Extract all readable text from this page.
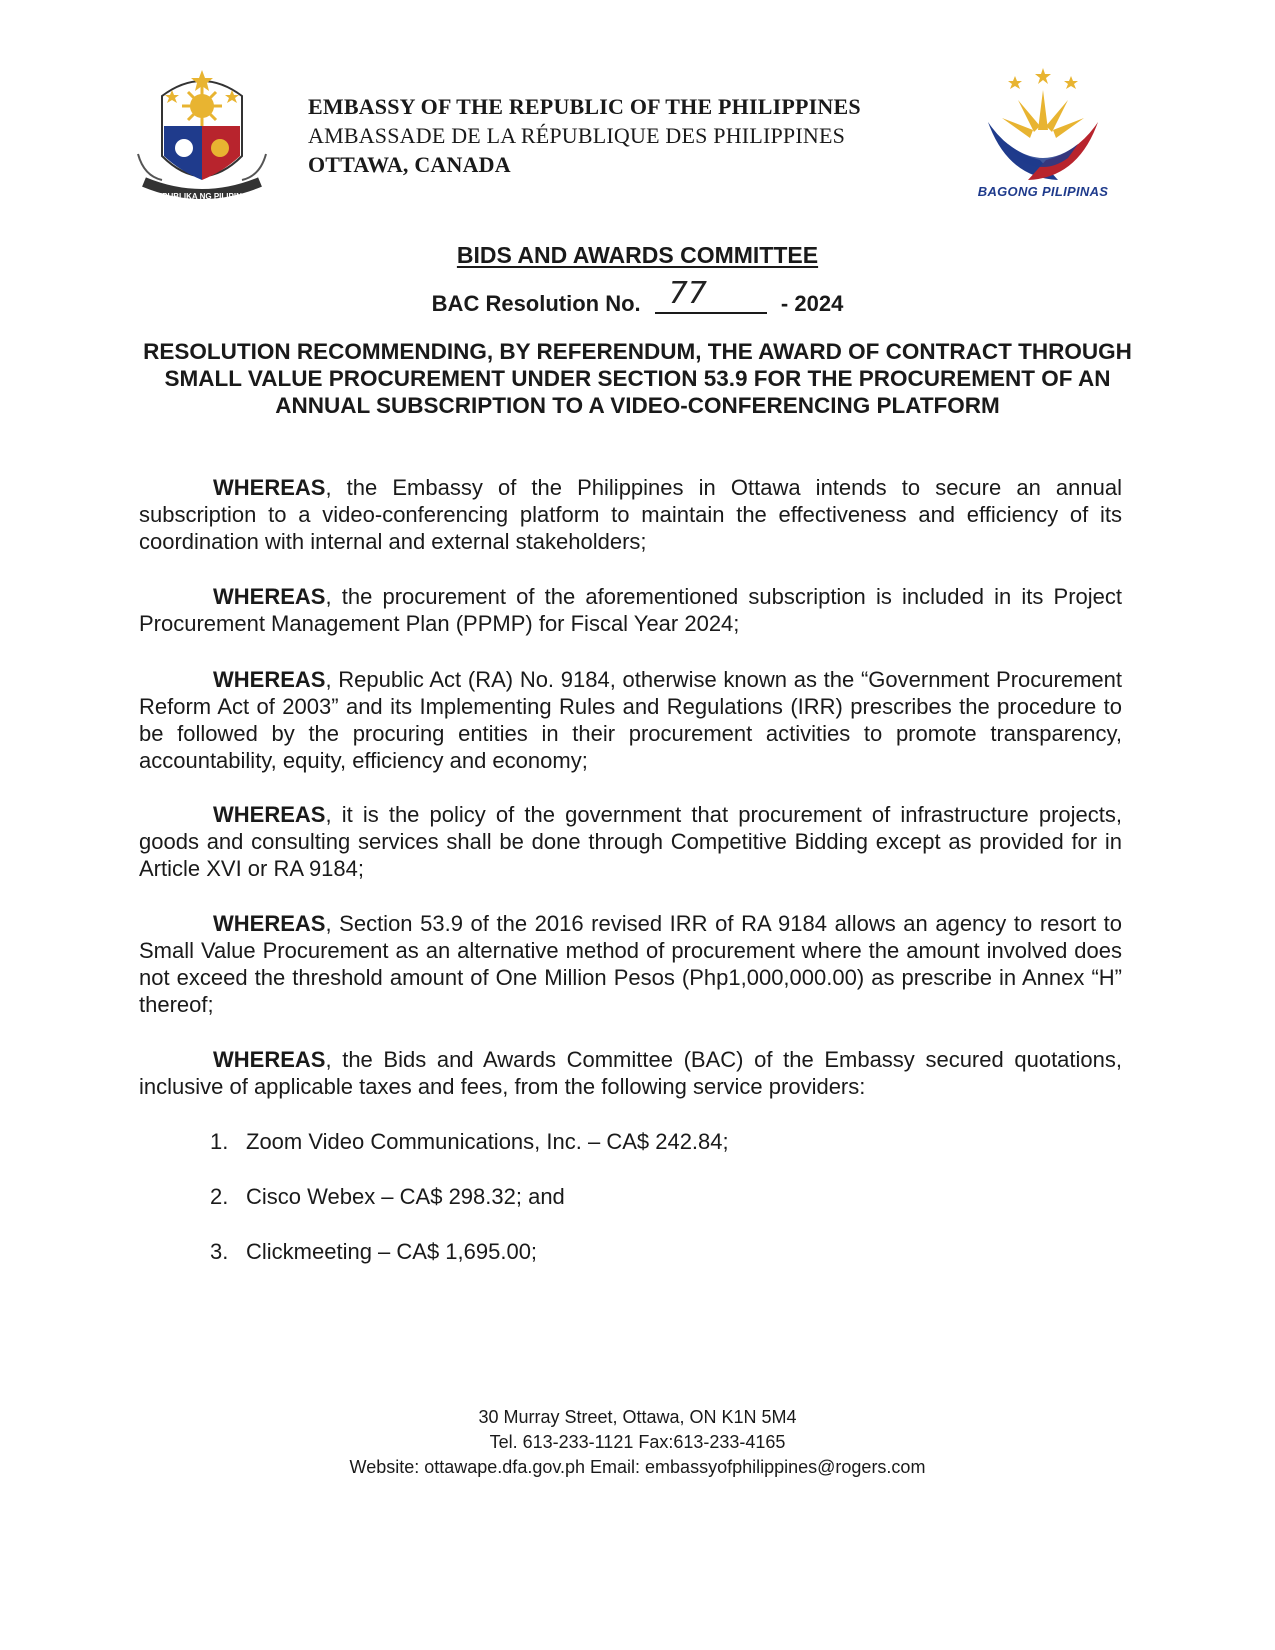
REPUBLIKA NG PILIPINAS
EMBASSY OF THE REPUBLIC OF THE PHILIPPINES
AMBASSADE DE LA RÉPUBLIQUE DES PHILIPPINES
OTTAWA, CANADA
BAGONG PILIPINAS
BIDS AND AWARDS COMMITTEE
BAC Resolution No. 77	- 2024
RESOLUTION RECOMMENDING, BY REFERENDUM, THE AWARD OF CONTRACT THROUGH SMALL VALUE PROCUREMENT UNDER SECTION 53.9 FOR THE PROCUREMENT OF AN ANNUAL SUBSCRIPTION TO A VIDEO-CONFERENCING PLATFORM
WHEREAS, the Embassy of the Philippines in Ottawa intends to secure an annual subscription to a video-conferencing platform to maintain the effectiveness and efficiency of its coordination with internal and external stakeholders;
WHEREAS, the procurement of the aforementioned subscription is included in its Project Procurement Management Plan (PPMP) for Fiscal Year 2024;
WHEREAS, Republic Act (RA) No. 9184, otherwise known as the “Government Procurement Reform Act of 2003” and its Implementing Rules and Regulations (IRR) prescribes the procedure to be followed by the procuring entities in their procurement activities to promote transparency, accountability, equity, efficiency and economy;
WHEREAS, it is the policy of the government that procurement of infrastructure projects, goods and consulting services shall be done through Competitive Bidding except as provided for in Article XVI or RA 9184;
WHEREAS, Section 53.9 of the 2016 revised IRR of RA 9184 allows an agency to resort to Small Value Procurement as an alternative method of procurement where the amount involved does not exceed the threshold amount of One Million Pesos (Php1,000,000.00) as prescribe in Annex “H” thereof;
WHEREAS, the Bids and Awards Committee (BAC) of the Embassy secured quotations, inclusive of applicable taxes and fees, from the following service providers:
1. Zoom Video Communications, Inc. – CA$ 242.84;
2. Cisco Webex – CA$ 298.32; and
3. Clickmeeting – CA$ 1,695.00;
30 Murray Street, Ottawa, ON K1N 5M4
Tel. 613-233-1121 Fax:613-233-4165
Website: ottawape.dfa.gov.ph Email: embassyofphilippines@rogers.com
